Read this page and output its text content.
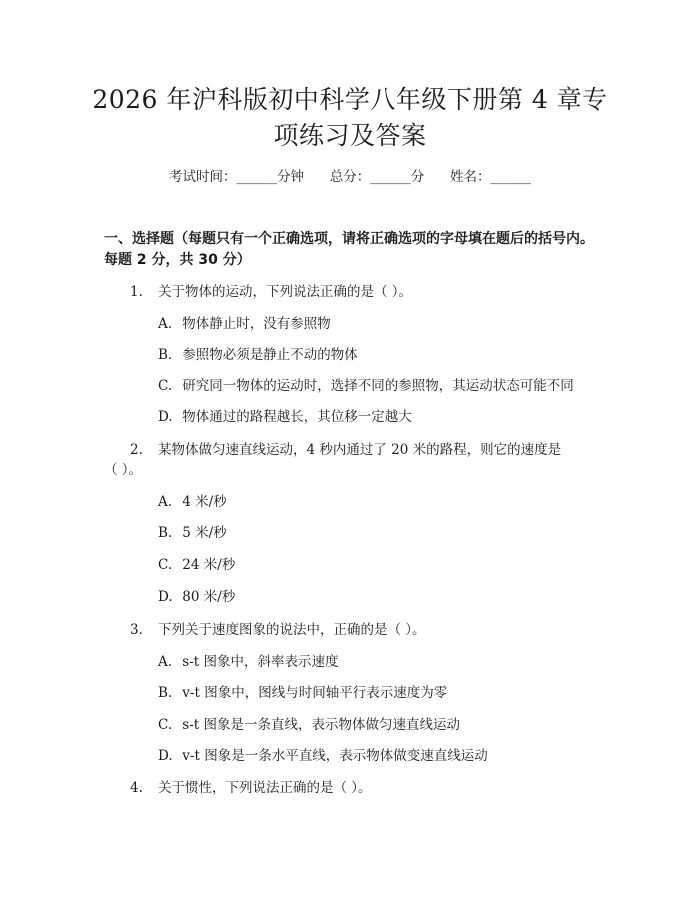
2026 年沪科版初中科学八年级下册第 4 章专
项练习及答案
考试时间：______分钟 总分：______分 姓名：______
一、选择题（每题只有一个正确选项，请将正确选项的字母填在题后的括号内。
每题 2 分，共 30 分）
1. 关于物体的运动，下列说法正确的是（ ）。
A. 物体静止时，没有参照物
B. 参照物必须是静止不动的物体
C. 研究同一物体的运动时，选择不同的参照物，其运动状态可能不同
D. 物体通过的路程越长，其位移一定越大
2. 某物体做匀速直线运动，4 秒内通过了 20 米的路程，则它的速度是
（ ）。
A. 4 米/秒
B. 5 米/秒
C. 24 米/秒
D. 80 米/秒
3. 下列关于速度图象的说法中，正确的是（ ）。
A. s-t 图象中，斜率表示速度
B. v-t 图象中，图线与时间轴平行表示速度为零
C. s-t 图象是一条直线，表示物体做匀速直线运动
D. v-t 图象是一条水平直线，表示物体做变速直线运动
4. 关于惯性，下列说法正确的是（ ）。
